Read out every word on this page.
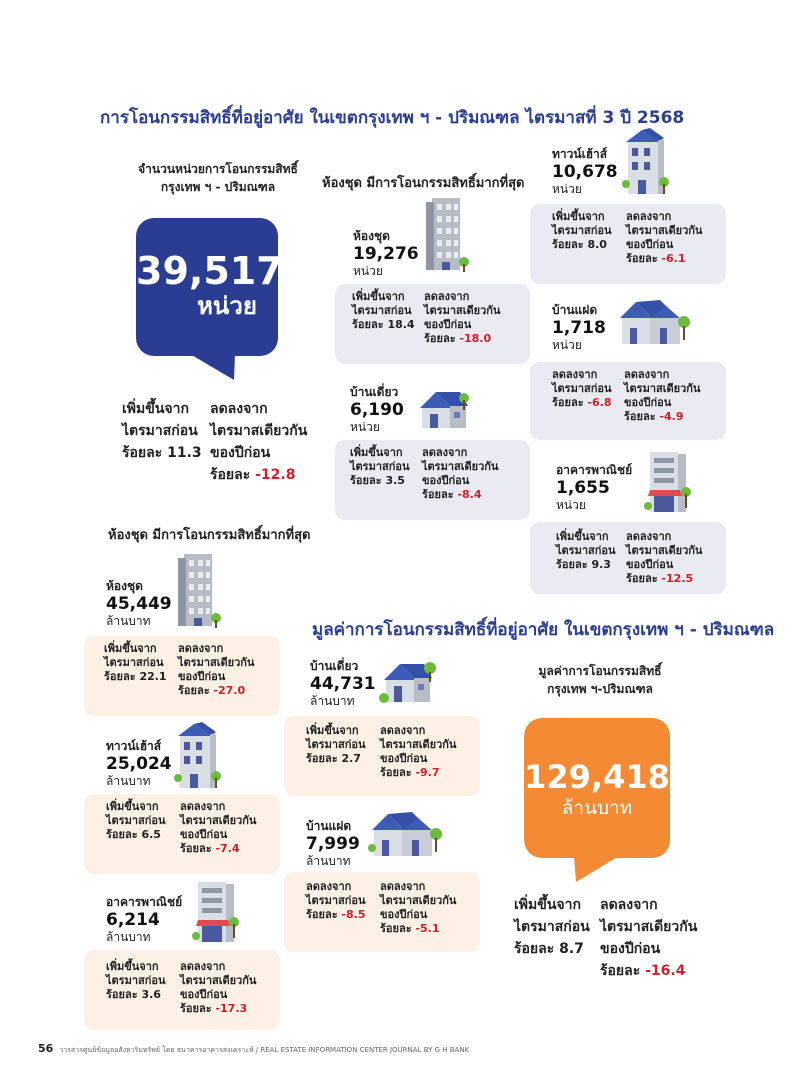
การโอนกรรมสิทธิ์ที่อยู่อาศัย ในเขตกรุงเทพ ฯ - ปริมณฑล ไตรมาสที่ 3 ปี 2568
จำนวนหน่วยการโอนกรรมสิทธิ์
กรุงเทพ ฯ - ปริมณฑล
39,517
หน่วย
เพิ่มขึ้นจาก
ไตรมาสก่อน
ร้อยละ 11.3
ลดลงจาก
ไตรมาสเดียวกัน
ของปีก่อน
ร้อยละ -12.8
ห้องชุด มีการโอนกรรมสิทธิ์มากที่สุด
ห้องชุด
19,276
หน่วย
เพิ่มขึ้นจาก
ไตรมาสก่อน
ร้อยละ 18.4
ลดลงจาก
ไตรมาสเดียวกัน
ของปีก่อน
ร้อยละ -18.0
บ้านเดี่ยว
6,190
หน่วย
เพิ่มขึ้นจาก
ไตรมาสก่อน
ร้อยละ 3.5
ลดลงจาก
ไตรมาสเดียวกัน
ของปีก่อน
ร้อยละ -8.4
ทาวน์เฮ้าส์
10,678
หน่วย
เพิ่มขึ้นจาก
ไตรมาสก่อน
ร้อยละ 8.0
ลดลงจาก
ไตรมาสเดียวกัน
ของปีก่อน
ร้อยละ -6.1
บ้านแฝด
1,718
หน่วย
ลดลงจาก
ไตรมาสก่อน
ร้อยละ -6.8
ลดลงจาก
ไตรมาสเดียวกัน
ของปีก่อน
ร้อยละ -4.9
อาคารพาณิชย์
1,655
หน่วย
เพิ่มขึ้นจาก
ไตรมาสก่อน
ร้อยละ 9.3
ลดลงจาก
ไตรมาสเดียวกัน
ของปีก่อน
ร้อยละ -12.5
ห้องชุด มีการโอนกรรมสิทธิ์มากที่สุด
มูลค่าการโอนกรรมสิทธิ์ที่อยู่อาศัย ในเขตกรุงเทพ ฯ - ปริมณฑล
ห้องชุด
45,449
ล้านบาท
เพิ่มขึ้นจาก
ไตรมาสก่อน
ร้อยละ 22.1
ลดลงจาก
ไตรมาสเดียวกัน
ของปีก่อน
ร้อยละ -27.0
ทาวน์เฮ้าส์
25,024
ล้านบาท
เพิ่มขึ้นจาก
ไตรมาสก่อน
ร้อยละ 6.5
ลดลงจาก
ไตรมาสเดียวกัน
ของปีก่อน
ร้อยละ -7.4
อาคารพาณิชย์
6,214
ล้านบาท
เพิ่มขึ้นจาก
ไตรมาสก่อน
ร้อยละ 3.6
ลดลงจาก
ไตรมาสเดียวกัน
ของปีก่อน
ร้อยละ -17.3
บ้านเดี่ยว
44,731
ล้านบาท
เพิ่มขึ้นจาก
ไตรมาสก่อน
ร้อยละ 2.7
ลดลงจาก
ไตรมาสเดียวกัน
ของปีก่อน
ร้อยละ -9.7
บ้านแฝด
7,999
ล้านบาท
ลดลงจาก
ไตรมาสก่อน
ร้อยละ -8.5
ลดลงจาก
ไตรมาสเดียวกัน
ของปีก่อน
ร้อยละ -5.1
มูลค่าการโอนกรรมสิทธิ์
กรุงเทพ ฯ-ปริมณฑล
129,418
ล้านบาท
เพิ่มขึ้นจาก
ไตรมาสก่อน
ร้อยละ 8.7
ลดลงจาก
ไตรมาสเดียวกัน
ของปีก่อน
ร้อยละ -16.4
56 วารสารศูนย์ข้อมูลอสังหาริมทรัพย์ โดย ธนาคารอาคารสงเคราะห์ / REAL ESTATE INFORMATION CENTER JOURNAL BY G H BANK
